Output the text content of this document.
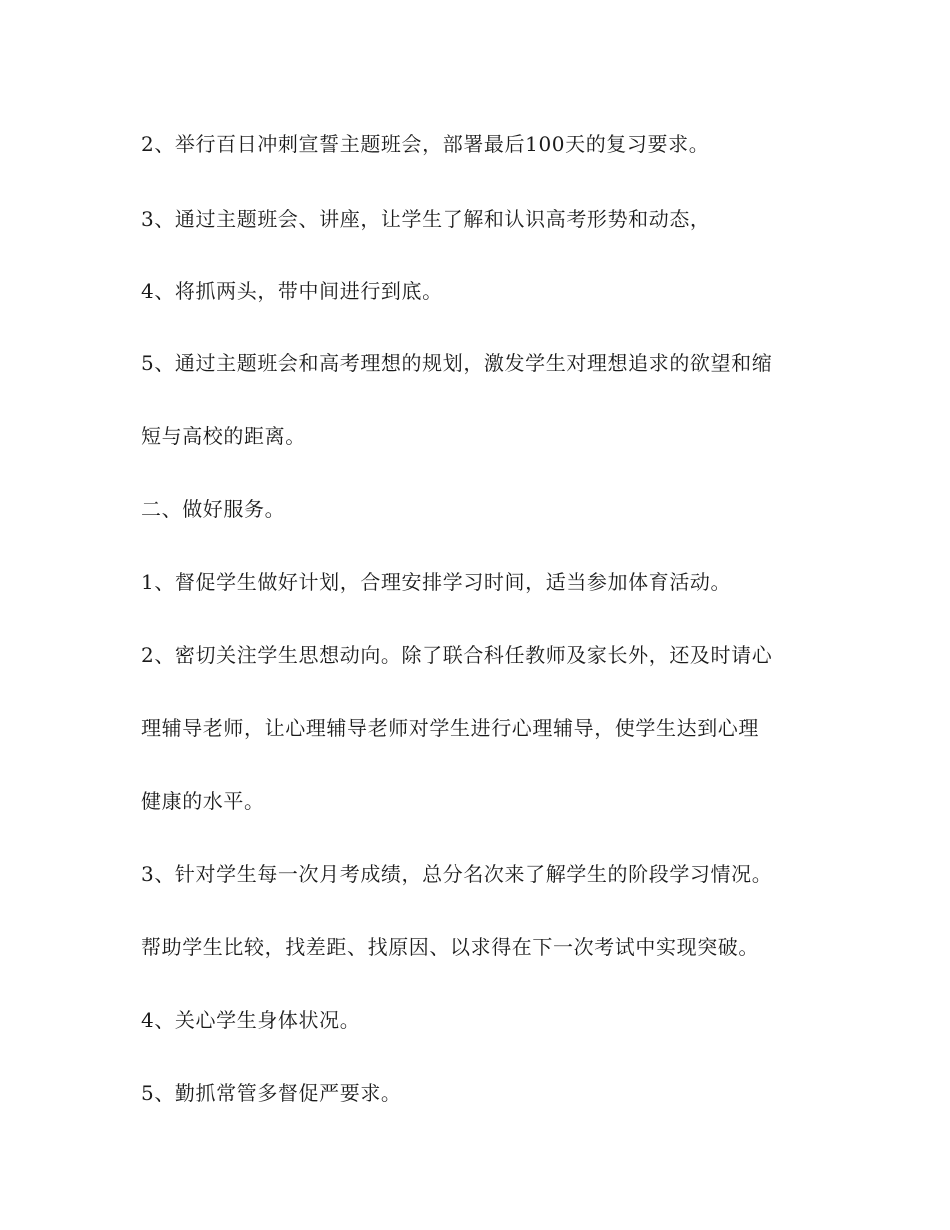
2、举行百日冲刺宣誓主题班会，部署最后100天的复习要求。
3、通过主题班会、讲座，让学生了解和认识高考形势和动态，
4、将抓两头，带中间进行到底。
5、通过主题班会和高考理想的规划，激发学生对理想追求的欲望和缩
短与高校的距离。
二、做好服务。
1、督促学生做好计划，合理安排学习时间，适当参加体育活动。
2、密切关注学生思想动向。除了联合科任教师及家长外，还及时请心
理辅导老师，让心理辅导老师对学生进行心理辅导，使学生达到心理
健康的水平。
3、针对学生每一次月考成绩，总分名次来了解学生的阶段学习情况。
帮助学生比较，找差距、找原因、以求得在下一次考试中实现突破。
4、关心学生身体状况。
5、勤抓常管多督促严要求。
